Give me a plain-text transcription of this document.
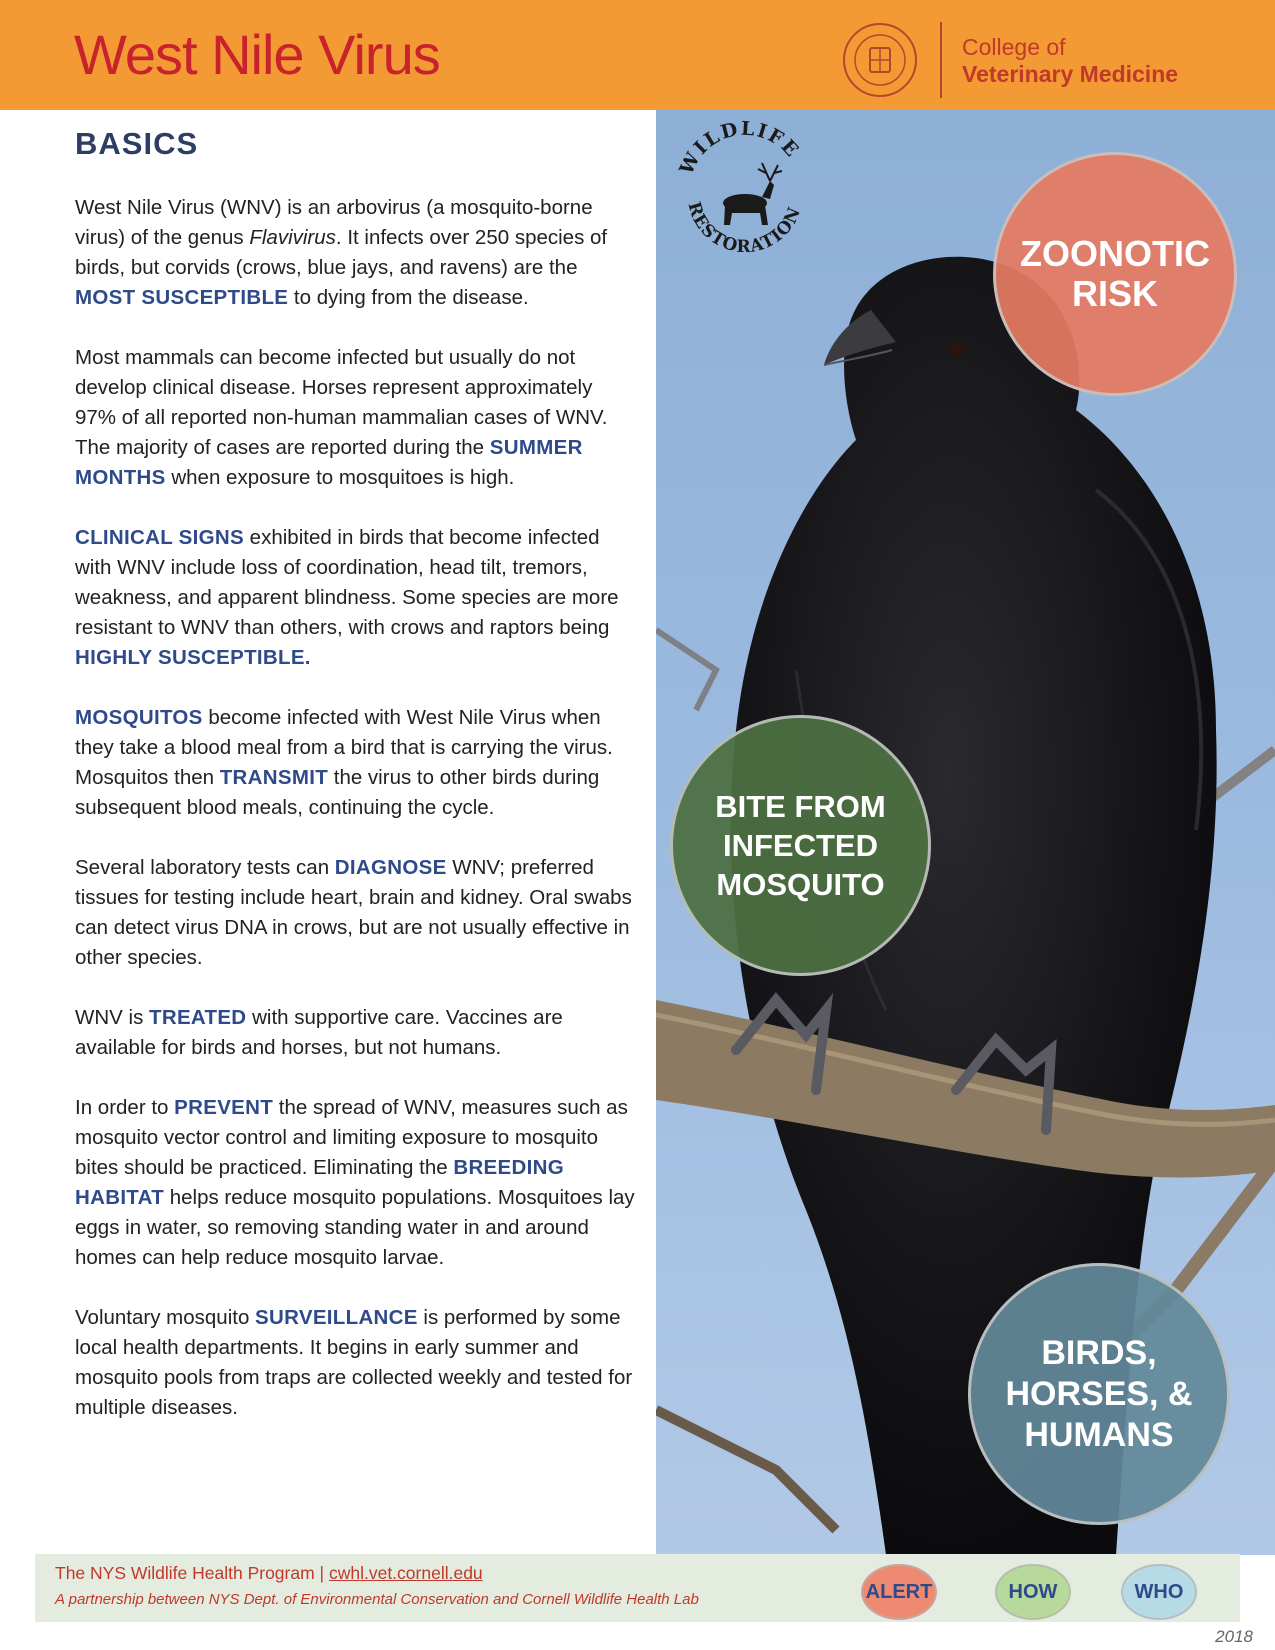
West Nile Virus	College of
Veterinary Medicine
WILDLIFE
RESTORATION
BASICS

West Nile Virus (WNV) is an arbovirus (a mosquito-borne virus) of the genus Flavivirus. It infects over 250 species of birds, but corvids (crows, blue jays, and ravens) are the MOST SUSCEPTIBLE to dying from the disease.

Most mammals can become infected but usually do not develop clinical disease. Horses represent approximately 97% of all reported non-human mammalian cases of WNV. The majority of cases are reported during the SUMMER MONTHS when exposure to mosquitoes is high.

CLINICAL SIGNS exhibited in birds that become infected with WNV include loss of coordination, head tilt, tremors, weakness, and apparent blindness. Some species are more resistant to WNV than others, with crows and raptors being HIGHLY SUSCEPTIBLE.

MOSQUITOS become infected with West Nile Virus when they take a blood meal from a bird that is carrying the virus. Mosquitos then TRANSMIT the virus to other birds during subsequent blood meals, continuing the cycle.

Several laboratory tests can DIAGNOSE WNV; preferred tissues for testing include heart, brain and kidney. Oral swabs can detect virus DNA in crows, but are not usually effective in other species.

WNV is TREATED with supportive care. Vaccines are available for birds and horses, but not humans.

In order to PREVENT the spread of WNV, measures such as mosquito vector control and limiting exposure to mosquito bites should be practiced. Eliminating the BREEDING HABITAT helps reduce mosquito populations. Mosquitoes lay eggs in water, so removing standing water in and around homes can help reduce mosquito larvae.

Voluntary mosquito SURVEILLANCE is performed by some local health departments. It begins in early summer and mosquito pools from traps are collected weekly and tested for multiple diseases.

ZOONOTIC
RISK
BITE FROM
INFECTED
MOSQUITO
BIRDS,
HORSES, &
HUMANS
The NYS Wildlife Health Program | cwhl.vet.cornell.edu
A partnership between NYS Dept. of Environmental Conservation and Cornell Wildlife Health Lab	ALERT	HOW	WHO
2018
